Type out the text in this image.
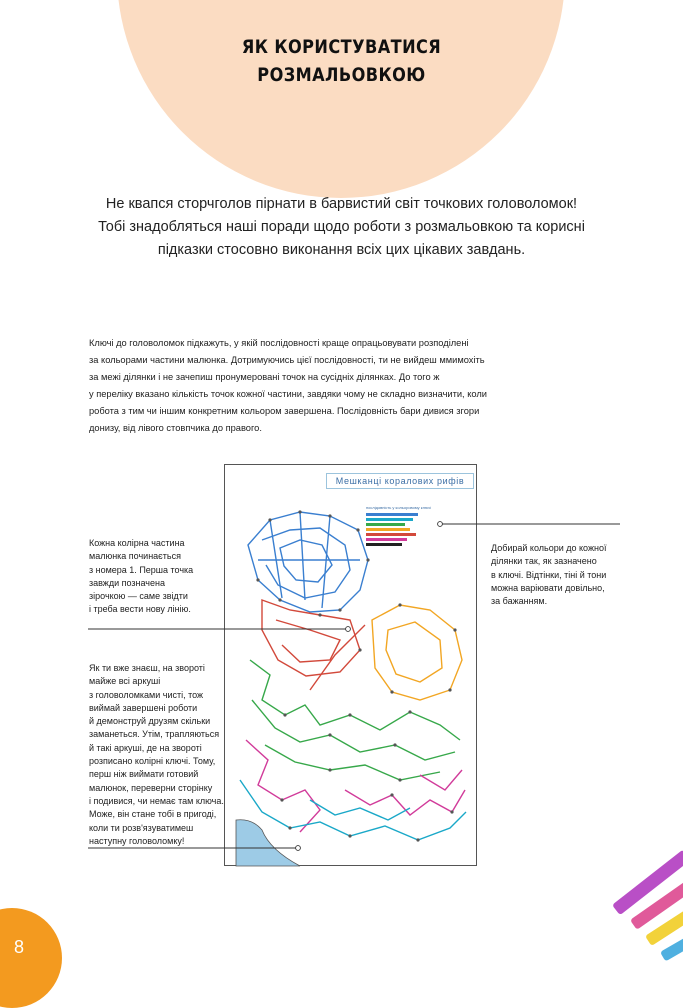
ЯК КОРИСТУВАТИСЯ
РОЗМАЛЬОВКОЮ
Не квапся сторчголов пірнати в барвистий світ точкових головоломок!
Тобі знадобляться наші поради щодо роботи з розмальовкою та корисні
підказки стосовно виконання всіх цих цікавих завдань.
Ключі до головоломок підкажуть, у якій послідовності краще опрацьовувати розподілені
за кольорами частини малюнка. Дотримуючись цієї послідовності, ти не вийдеш ммимохіть
за межі ділянки і не зачепиш пронумеровані точок на сусідніх ділянках. До того ж
у переліку вказано кількість точок кожної частини, завдяки чому не складно визначити, коли
робота з тим чи іншим конкретним кольором завершена. Послідовність бари дивися згори
донизу, від лівого стовпчика до правого.
Мешканці коралових рифів
послідовність у кольоровому ключі
Кожна колірна частина
малюнка починається
з номера 1. Перша точка
завжди позначена
зірочкою — саме звідти
і треба вести нову лінію.
Як ти вже знаєш, на звороті
майже всі аркуші
з головоломками чисті, тож
виймай завершені роботи
й демонструй друзям скільки
заманеться. Утім, трапляються
й такі аркуші, де на звороті
розписано колірні ключі. Тому,
перш ніж виймати готовий
малюнок, переверни сторінку
і подивися, чи немає там ключа.
Може, він стане тобі в пригоді,
коли ти розв'язуватимеш
наступну головоломку!
Добирай кольори до кожної
ділянки так, як зазначено
в ключі. Відтінки, тіні й тони
можна варіювати довільно,
за бажанням.
8
